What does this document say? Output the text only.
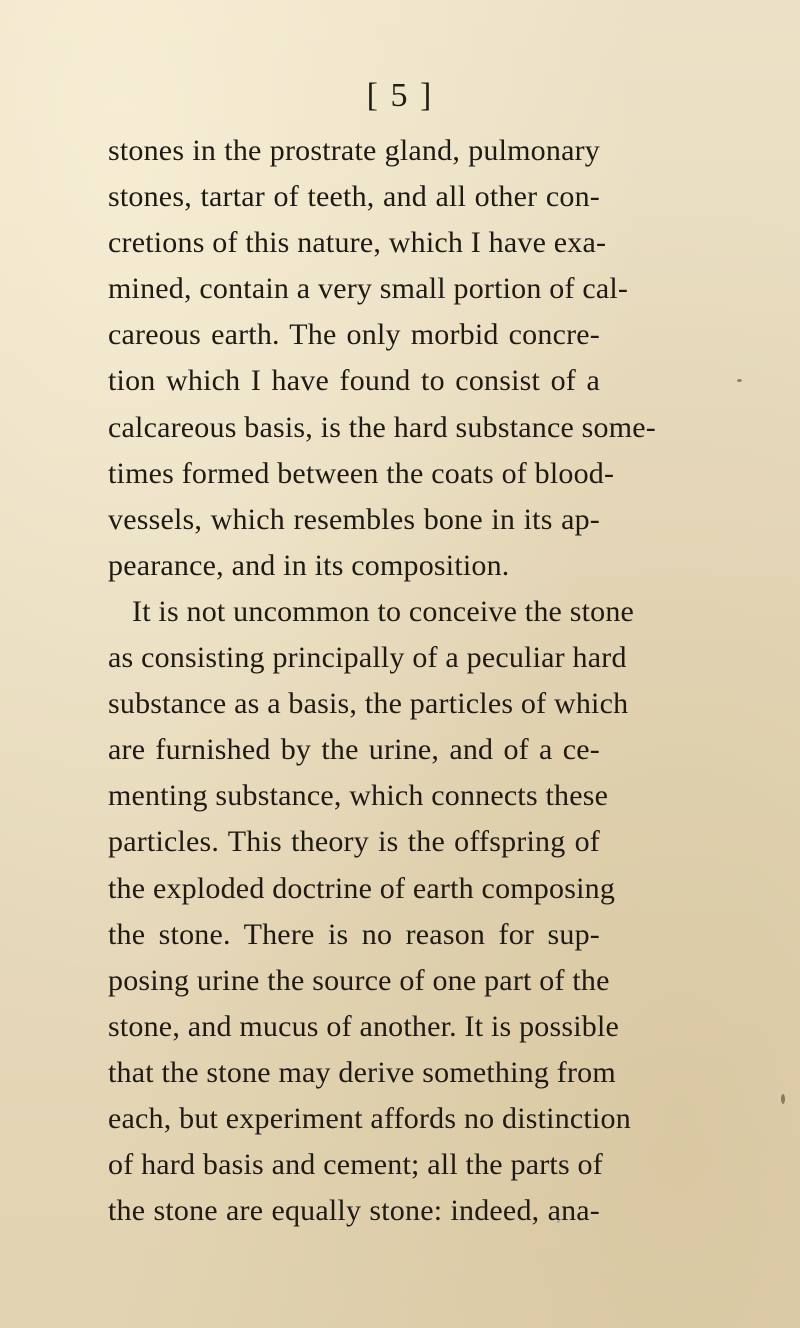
[ 5 ]
stones in the prostrate gland, pulmonary
stones, tartar of teeth, and all other con-
cretions of this nature, which I have exa-
mined, contain a very small portion of cal-
careous earth. The only morbid concre-
tion which I have found to consist of a
calcareous basis, is the hard substance some-
times formed between the coats of blood-
vessels, which resembles bone in its ap-
pearance, and in its composition.
It is not uncommon to conceive the stone
as consisting principally of a peculiar hard
substance as a basis, the particles of which
are furnished by the urine, and of a ce-
menting substance, which connects these
particles. This theory is the offspring of
the exploded doctrine of earth composing
the stone. There is no reason for sup-
posing urine the source of one part of the
stone, and mucus of another. It is possible
that the stone may derive something from
each, but experiment affords no distinction
of hard basis and cement; all the parts of
the stone are equally stone: indeed, ana-
